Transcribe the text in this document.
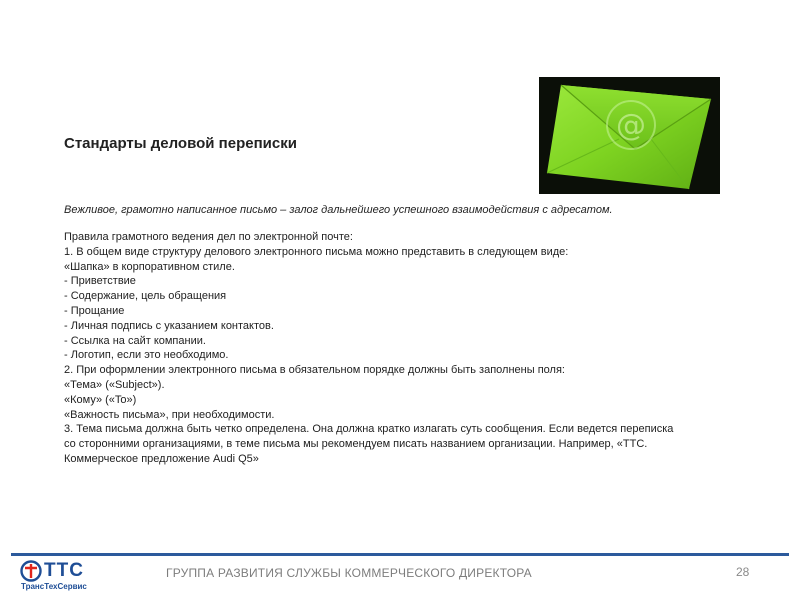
@
Стандарты деловой переписки

Вежливое, грамотно написанное письмо – залог дальнейшего успешного взаимодействия с адресатом.

Правила грамотного ведения дел по электронной почте:
1. В общем виде структуру делового электронного письма можно представить в следующем виде:
«Шапка» в корпоративном стиле.
- Приветствие
- Содержание, цель обращения
- Прощание
- Личная подпись с указанием контактов.
- Ссылка на сайт компании.
- Логотип, если это необходимо.
2. При оформлении электронного письма в обязательном порядке должны быть заполнены поля:
«Тема» («Subject»).
«Кому» («To»)
«Важность письма», при необходимости.
3. Тема письма должна быть четко определена. Она должна кратко излагать суть сообщения. Если ведется переписка
со сторонними организациями, в теме письма мы рекомендуем писать названием организации. Например, «ТТС.
Коммерческое предложение Audi Q5»
ТТС
ТрансТехСервис
ГРУППА РАЗВИТИЯ СЛУЖБЫ КОММЕРЧЕСКОГО ДИРЕКТОРА	28
